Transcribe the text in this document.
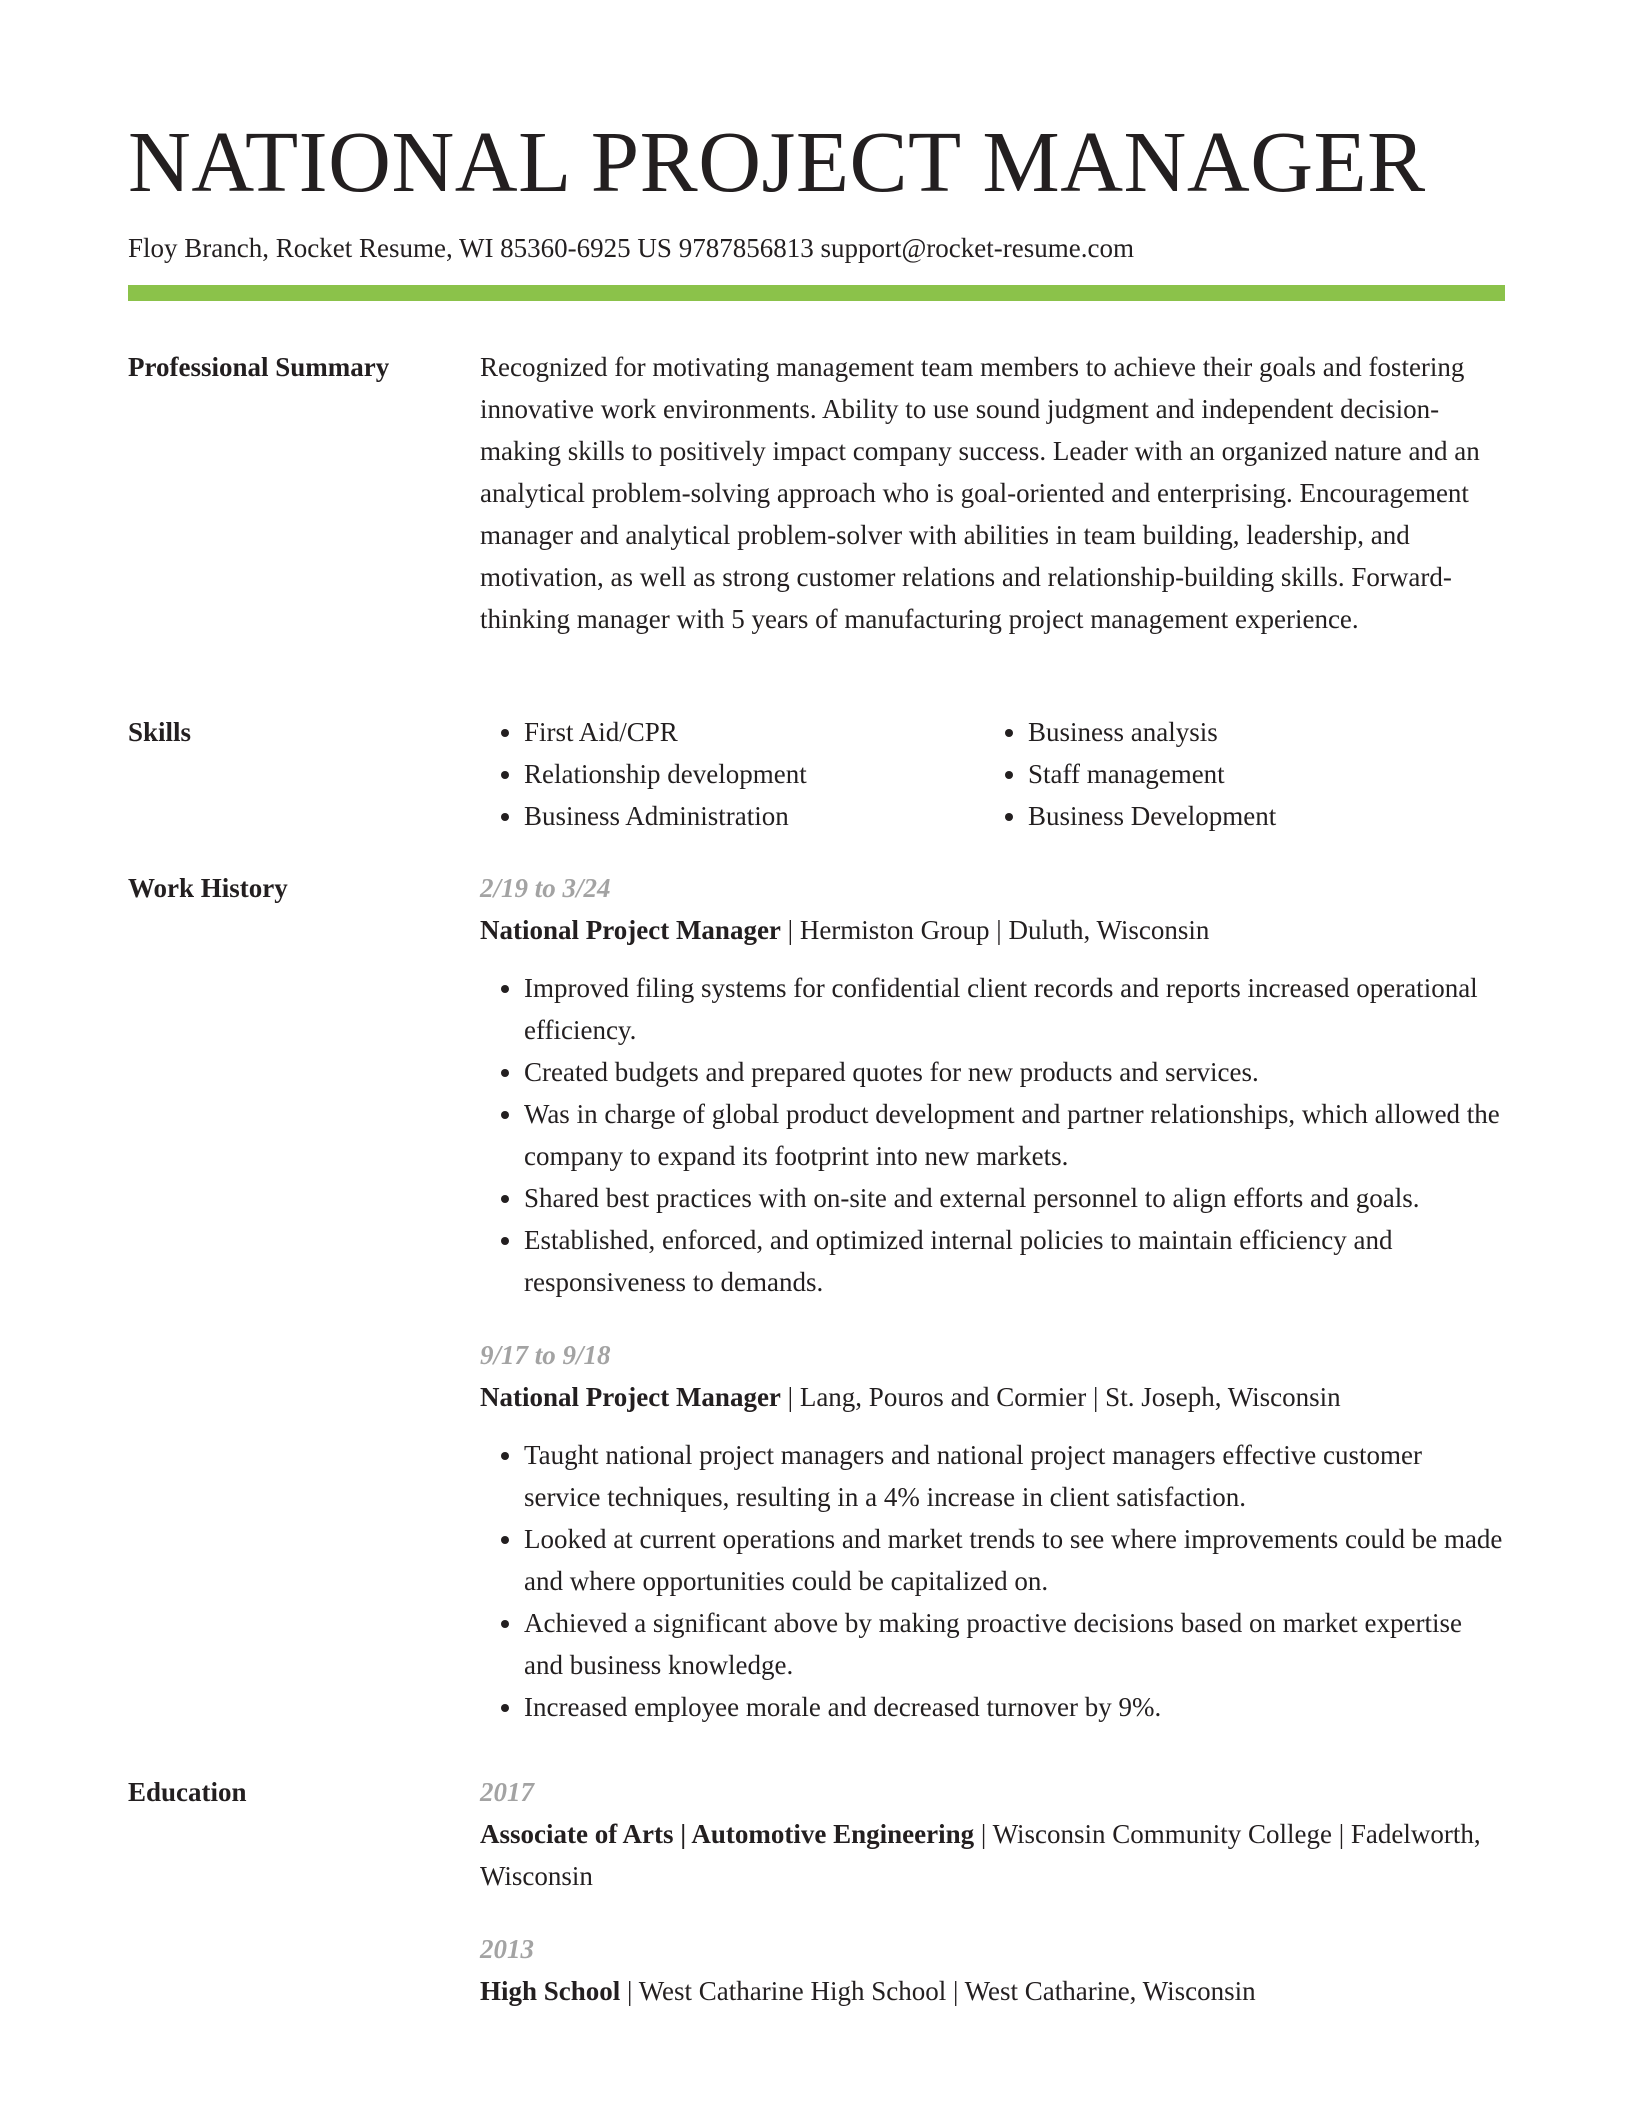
NATIONAL PROJECT MANAGER
Floy Branch, Rocket Resume, WI 85360-6925 US 9787856813 support@rocket-resume.com
Professional Summary	Recognized for motivating management team members to achieve their goals and fostering innovative work environments. Ability to use sound judgment and independent decision-making skills to positively impact company success. Leader with an organized nature and an analytical problem-solving approach who is goal-oriented and enterprising. Encouragement manager and analytical problem-solver with abilities in team building, leadership, and motivation, as well as strong customer relations and relationship-building skills. Forward-thinking manager with 5 years of manufacturing project management experience.

Skills
•	First Aid/CPR
• Relationship development
• Business Administration
• Business analysis
• Staff management
• Business Development
Work History	2/19 to 3/24
National Project Manager | Hermiston Group | Duluth, Wisconsin
• Improved filing systems for confidential client records and reports increased operational efficiency.
• Created budgets and prepared quotes for new products and services.
• Was in charge of global product development and partner relationships, which allowed the company to expand its footprint into new markets.
• Shared best practices with on-site and external personnel to align efforts and goals.
• Established, enforced, and optimized internal policies to maintain efficiency and responsiveness to demands.
9/17 to 9/18
National Project Manager | Lang, Pouros and Cormier | St. Joseph, Wisconsin
• Taught national project managers and national project managers effective customer service techniques, resulting in a 4% increase in client satisfaction.
• Looked at current operations and market trends to see where improvements could be made and where opportunities could be capitalized on.
• Achieved a significant above by making proactive decisions based on market expertise and business knowledge.
• Increased employee morale and decreased turnover by 9%.
Education	2017
Associate of Arts | Automotive Engineering | Wisconsin Community College | Fadelworth, Wisconsin
2013
High School | West Catharine High School | West Catharine, Wisconsin
